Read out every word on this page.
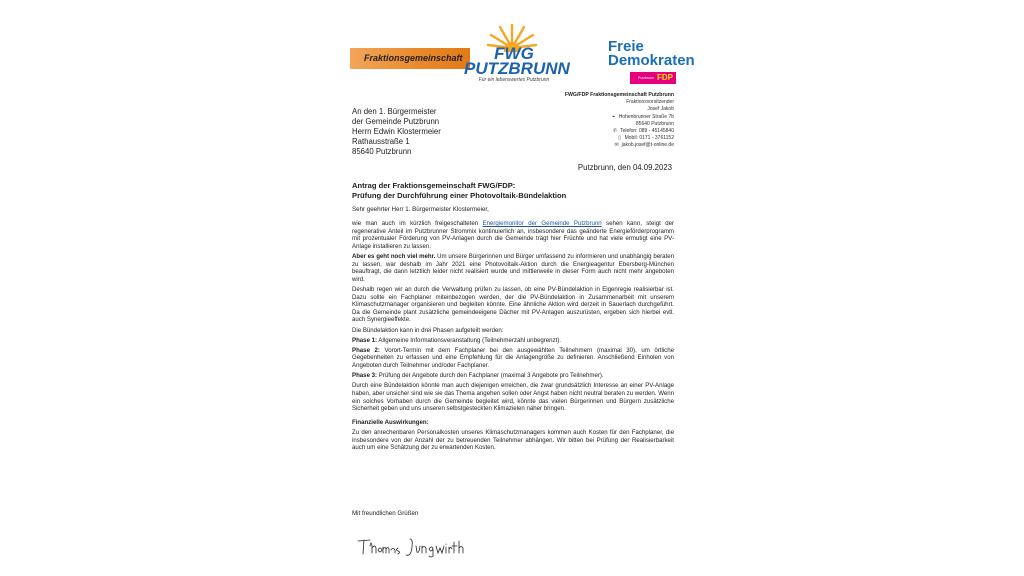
Fraktionsgemeinschaft	FWG
PUTZBRUNN
Für ein lebenswertes Putzbrunn
Freie
Demokraten
Putzbrunn FDP
FWG/FDP Fraktionsgemeinschaft Putzbrunn
Fraktionsvorsitzender
Josef Jakob
⌖ Hohenbrunner Straße 7b
85640 Putzbrunn
✆ Telefon: 089 - 45145840
▯ Mobil: 0171 - 3761152
✉ jakob.josef@t-online.de
An den 1. Bürgermeister
der Gemeinde Putzbrunn
Herrn Edwin Klostermeier
Rathausstraße 1
85640 Putzbrunn
Putzbrunn, den 04.09.2023
Antrag der Fraktionsgemeinschaft FWG/FDP:
Prüfung der Durchführung einer Photovoltaik-Bündelaktion
Sehr geehrter Herr 1. Bürgermeister Klostermeier,

wie man auch im kürzlich freigeschalteten Energiemonitor der Gemeinde Putzbrunn sehen kann, steigt der regenerative Anteil im Putzbrunner Strommix kontinuierlich an, insbesondere das geänderte Energieförderprogramm mit prozentualer Förderung von PV-Anlagen durch die Gemeinde trägt hier Früchte und hat viele ermutigt eine PV-Anlage installieren zu lassen.

Aber es geht noch viel mehr. Um unsere Bürgerinnen und Bürger umfassend zu informieren und unabhängig beraten zu lassen, war deshalb im Jahr 2021 eine Photovoltaik-Aktion durch die Energieagentur Ebersberg-München beauftragt, die dann letztlich leider nicht realisiert wurde und mittlerweile in dieser Form auch nicht mehr angeboten wird.

Deshalb regen wir an durch die Verwaltung prüfen zu lassen, ob eine PV-Bündelaktion in Eigenregie realisierbar ist. Dazu sollte ein Fachplaner miteinbezogen werden, der die PV-Bündelaktion in Zusammenarbeit mit unserem Klimaschutzmanager organisieren und begleiten könnte. Eine ähnliche Aktion wird derzeit in Sauerlach durchgeführt. Da die Gemeinde plant zusätzliche gemeindeeigene Dächer mit PV-Anlagen auszurüsten, ergeben sich hierbei evtl. auch Synergieeffekte.

Die Bündelaktion kann in drei Phasen aufgeteilt werden:

Phase 1: Allgemeine Informationsveranstaltung (Teilnehmerzahl unbegrenzt).

Phase 2: Vorort-Termin mit dem Fachplaner bei den ausgewählten Teilnehmern (maximal 30), um örtliche Gegebenheiten zu erfassen und eine Empfehlung für die Anlagengröße zu definieren. Anschließend Einholen von Angeboten durch Teilnehmer und/oder Fachplaner.

Phase 3: Prüfung der Angebote durch den Fachplaner (maximal 3 Angebote pro Teilnehmer).

Durch eine Bündelaktion könnte man auch diejenigen erreichen, die zwar grundsätzlich Interesse an einer PV-Anlage haben, aber unsicher sind wie sie das Thema angehen sollen oder Angst haben nicht neutral beraten zu werden. Wenn ein solches Vorhaben durch die Gemeinde begleitet wird, könnte das vielen Bürgerinnen und Bürgern zusätzliche Sicherheit geben und uns unseren selbstgesteckten Klimazielen näher bringen.

Finanzielle Auswirkungen:

Zu den anrechenbaren Personalkosten unseres Klimaschutzmanagers kommen auch Kosten für den Fachplaner, die insbesondere von der Anzahl der zu betreuenden Teilnehmer abhängen. Wir bitten bei Prüfung der Realisierbarkeit auch um eine Schätzung der zu erwartenden Kosten.

Mit freundlichen Grüßen
